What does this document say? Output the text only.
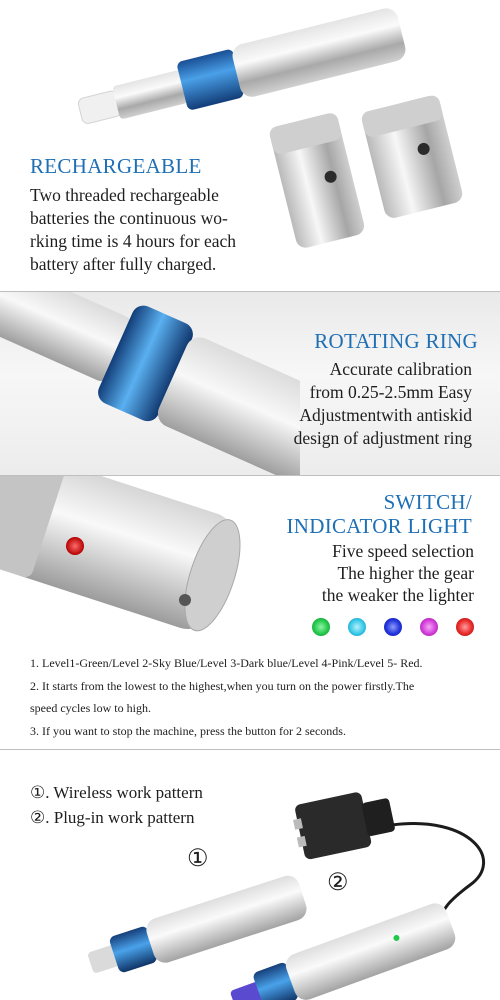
RECHARGEABLE
Two threaded rechargeable
batteries the continuous wo-
rking time is 4 hours for each
battery after fully charged.
ROTATING RING
Accurate calibration
from 0.25-2.5mm Easy
Adjustmentwith antiskid
design of adjustment ring
SWITCH/
INDICATOR LIGHT
Five speed selection
The higher the gear
the weaker the lighter
1. Level1-Green/Level 2-Sky Blue/Level 3-Dark blue/Level 4-Pink/Level 5- Red.
2. It starts from the lowest to the highest,when you turn on the power firstly.The
speed cycles low to high.
3. If you want to stop the machine, press the button for 2 seconds.
①. Wireless work pattern
②. Plug-in work pattern
①
②
